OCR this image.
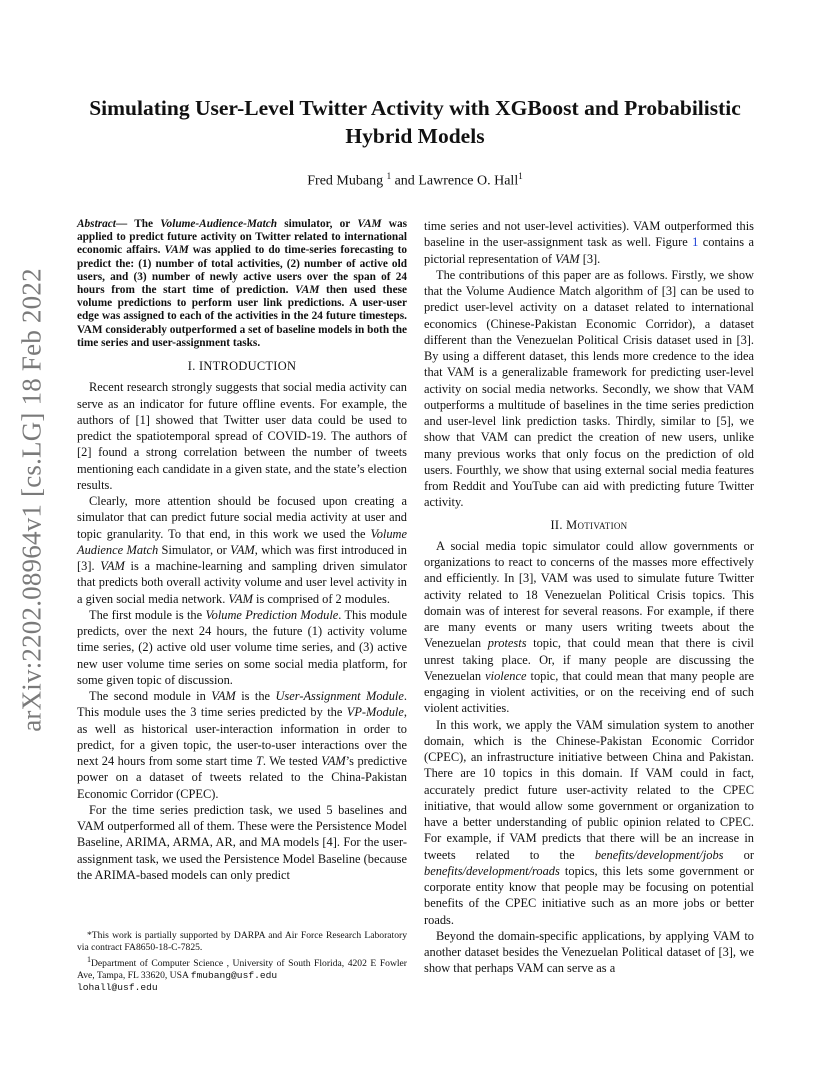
arXiv:2202.08964v1 [cs.LG] 18 Feb 2022
Simulating User-Level Twitter Activity with XGBoost and Probabilistic Hybrid Models
Fred Mubang $^1$ and Lawrence O. Hall$^1$

Abstract— The Volume-Audience-Match simulator, or VAM was applied to predict future activity on Twitter related to international economic affairs. VAM was applied to do time-series forecasting to predict the: (1) number of total activities, (2) number of active old users, and (3) number of newly active users over the span of 24 hours from the start time of prediction. VAM then used these volume predictions to perform user link predictions. A user-user edge was assigned to each of the activities in the 24 future timesteps. VAM considerably outperformed a set of baseline models in both the time series and user-assignment tasks.

I. INTRODUCTION

Recent research strongly suggests that social media activity can serve as an indicator for future offline events. For example, the authors of [1] showed that Twitter user data could be used to predict the spatiotemporal spread of COVID-19. The authors of [2] found a strong correlation between the number of tweets mentioning each candidate in a given state, and the state’s election results.

Clearly, more attention should be focused upon creating a simulator that can predict future social media activity at user and topic granularity. To that end, in this work we used the Volume Audience Match Simulator, or VAM, which was first introduced in [3]. VAM is a machine-learning and sampling driven simulator that predicts both overall activity volume and user level activity in a given social media network. VAM is comprised of 2 modules.

The first module is the Volume Prediction Module. This module predicts, over the next 24 hours, the future (1) activity volume time series, (2) active old user volume time series, and (3) active new user volume time series on some social media platform, for some given topic of discussion.

The second module in VAM is the User-Assignment Module. This module uses the 3 time series predicted by the VP-Module, as well as historical user-interaction information in order to predict, for a given topic, the user-to-user interactions over the next 24 hours from some start time T. We tested VAM’s predictive power on a dataset of tweets related to the China-Pakistan Economic Corridor (CPEC).

For the time series prediction task, we used 5 baselines and VAM outperformed all of them. These were the Persistence Model Baseline, ARIMA, ARMA, AR, and MA models [4]. For the user-assignment task, we used the Persistence Model Baseline (because the ARIMA-based models can only predict

*This work is partially supported by DARPA and Air Force Research Laboratory via contract FA8650-18-C-7825.

$^1$Department of Computer Science , University of South Florida, 4202 E Fowler Ave, Tampa, FL 33620, USA fmubang@usf.edu
lohall@usf.edu

time series and not user-level activities). VAM outperformed this baseline in the user-assignment task as well. Figure 1 contains a pictorial representation of VAM [3].

The contributions of this paper are as follows. Firstly, we show that the Volume Audience Match algorithm of [3] can be used to predict user-level activity on a dataset related to international economics (Chinese-Pakistan Economic Corridor), a dataset different than the Venezuelan Political Crisis dataset used in [3]. By using a different dataset, this lends more credence to the idea that VAM is a generalizable framework for predicting user-level activity on social media networks. Secondly, we show that VAM outperforms a multitude of baselines in the time series prediction and user-level link prediction tasks. Thirdly, similar to [5], we show that VAM can predict the creation of new users, unlike many previous works that only focus on the prediction of old users. Fourthly, we show that using external social media features from Reddit and YouTube can aid with predicting future Twitter activity.

II. Motivation

A social media topic simulator could allow governments or organizations to react to concerns of the masses more effectively and efficiently. In [3], VAM was used to simulate future Twitter activity related to 18 Venezuelan Political Crisis topics. This domain was of interest for several reasons. For example, if there are many events or many users writing tweets about the Venezuelan protests topic, that could mean that there is civil unrest taking place. Or, if many people are discussing the Venezuelan violence topic, that could mean that many people are engaging in violent activities, or on the receiving end of such violent activities.

In this work, we apply the VAM simulation system to another domain, which is the Chinese-Pakistan Economic Corridor (CPEC), an infrastructure initiative between China and Pakistan. There are 10 topics in this domain. If VAM could in fact, accurately predict future user-activity related to the CPEC initiative, that would allow some government or organization to have a better understanding of public opinion related to CPEC. For example, if VAM predicts that there will be an increase in tweets related to the benefits/development/jobs or benefits/development/roads topics, this lets some government or corporate entity know that people may be focusing on potential benefits of the CPEC initiative such as an more jobs or better roads.

Beyond the domain-specific applications, by applying VAM to another dataset besides the Venezuelan Political dataset of [3], we show that perhaps VAM can serve as a
